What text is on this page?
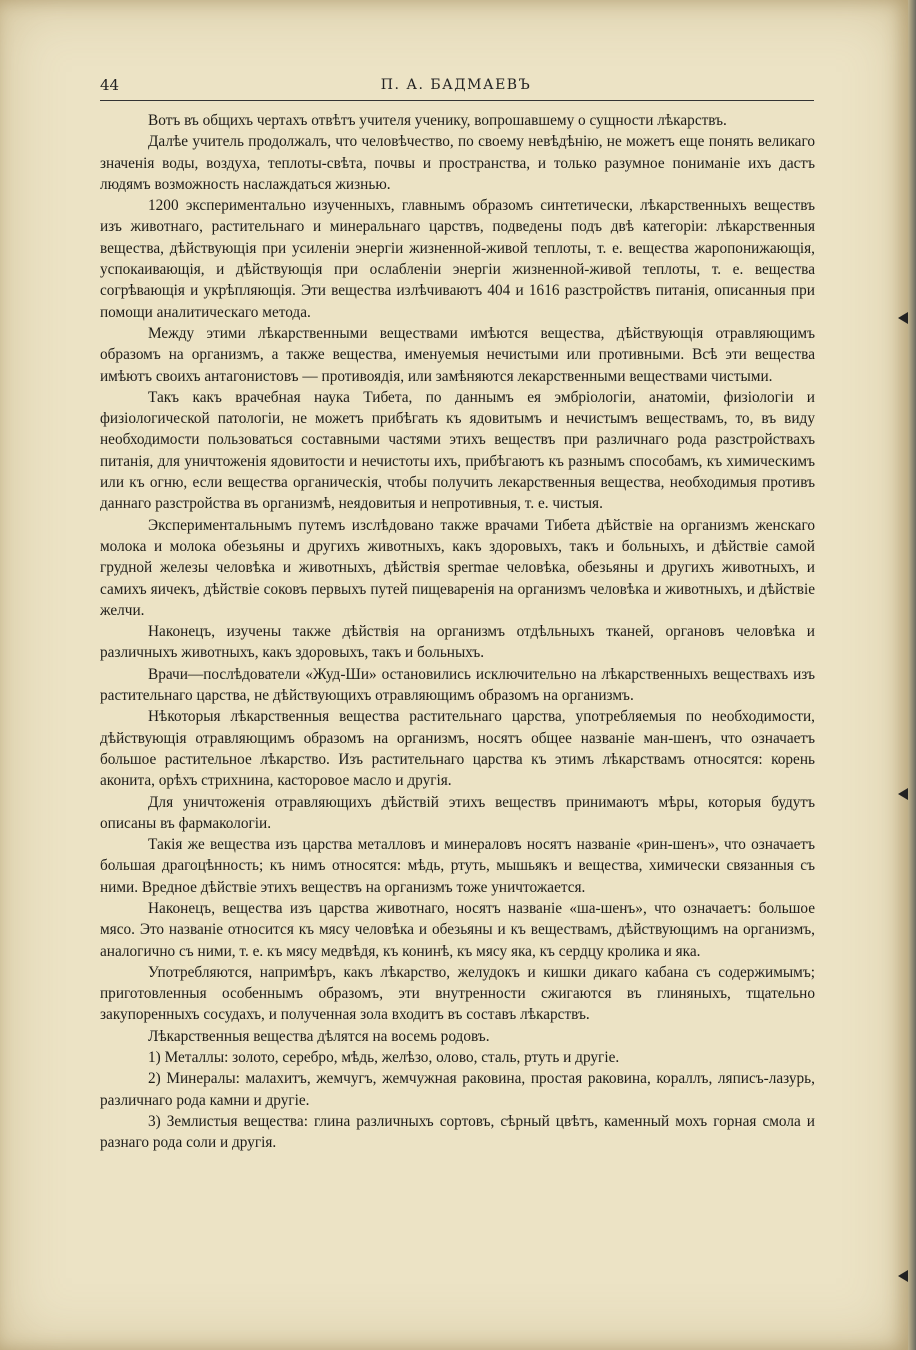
44	П. А. БАДМАЕВЪ

Вотъ въ общихъ чертахъ отвѣтъ учителя ученику, вопрошавшему о сущности лѣкарствъ.

Далѣе учитель продолжалъ, что человѣчество, по своему невѣдѣнію, не можетъ еще понять великаго значенія воды, воздуха, теплоты-свѣта, почвы и пространства, и только разумное пониманіе ихъ дастъ людямъ возможность наслаждаться жизнью.

1200 экспериментально изученныхъ, главнымъ образомъ синтетически, лѣкарственныхъ веществъ изъ животнаго, растительнаго и минеральнаго царствъ, подведены подъ двѣ категоріи: лѣкарственныя вещества, дѣйствующія при усиленіи энергіи жизненной-живой теплоты, т. е. вещества жаропонижающія, успокаивающія, и дѣйствующія при ослабленіи энергіи жизненной-живой теплоты, т. е. вещества согрѣвающія и укрѣпляющія. Эти вещества излѣчиваютъ 404 и 1616 разстройствъ питанія, описанныя при помощи аналитическаго метода.

Между этими лѣкарственными веществами имѣются вещества, дѣйствующія отравляющимъ образомъ на организмъ, а также вещества, именуемыя нечистыми или противными. Всѣ эти вещества имѣютъ своихъ антагонистовъ — противоядія, или замѣняются лекарственными веществами чистыми.

Такъ какъ врачебная наука Тибета, по даннымъ ея эмбріологіи, анатоміи, физіологіи и физіологической патологіи, не можетъ прибѣгать къ ядовитымъ и нечистымъ веществамъ, то, въ виду необходимости пользоваться составными частями этихъ веществъ при различнаго рода разстройствахъ питанія, для уничтоженія ядовитости и нечистоты ихъ, прибѣгаютъ къ разнымъ способамъ, къ химическимъ или къ огню, если вещества органическія, чтобы получить лекарственныя вещества, необходимыя противъ даннаго разстройства въ организмѣ, неядовитыя и непротивныя, т. е. чистыя.

Экспериментальнымъ путемъ изслѣдовано также врачами Тибета дѣйствіе на организмъ женскаго молока и молока обезьяны и другихъ животныхъ, какъ здоровыхъ, такъ и больныхъ, и дѣйствіе самой грудной железы человѣка и животныхъ, дѣйствія spermae человѣка, обезьяны и другихъ животныхъ, и самихъ яичекъ, дѣйствіе соковъ первыхъ путей пищеваренія на организмъ человѣка и животныхъ, и дѣйствіе желчи.

Наконецъ, изучены также дѣйствія на организмъ отдѣльныхъ тканей, органовъ человѣка и различныхъ животныхъ, какъ здоровыхъ, такъ и больныхъ.

Врачи—послѣдователи «Жуд-Ши» остановились исключительно на лѣкарственныхъ веществахъ изъ растительнаго царства, не дѣйствующихъ отравляющимъ образомъ на организмъ.

Нѣкоторыя лѣкарственныя вещества растительнаго царства, употребляемыя по необходимости, дѣйствующія отравляющимъ образомъ на организмъ, носятъ общее названіе ман-шенъ, что означаетъ большое растительное лѣкарство. Изъ растительнаго царства къ этимъ лѣкарствамъ относятся: корень аконита, орѣхъ стрихнина, касторовое масло и другія.

Для уничтоженія отравляющихъ дѣйствій этихъ веществъ принимаютъ мѣры, которыя будутъ описаны въ фармакологіи.

Такія же вещества изъ царства металловъ и минераловъ носятъ названіе «рин-шенъ», что означаетъ большая драгоцѣнность; къ нимъ относятся: мѣдь, ртуть, мышьякъ и вещества, химически связанныя съ ними. Вредное дѣйствіе этихъ веществъ на организмъ тоже уничтожается.

Наконецъ, вещества изъ царства животнаго, носятъ названіе «ша-шенъ», что означаетъ: большое мясо. Это названіе относится къ мясу человѣка и обезьяны и къ веществамъ, дѣйствующимъ на организмъ, аналогично съ ними, т. е. къ мясу медвѣдя, къ конинѣ, къ мясу яка, къ сердцу кролика и яка.

Употребляются, напримѣръ, какъ лѣкарство, желудокъ и кишки дикаго кабана съ содержимымъ; приготовленныя особеннымъ образомъ, эти внутренности сжигаются въ глиняныхъ, тщательно закупоренныхъ сосудахъ, и полученная зола входитъ въ составъ лѣкарствъ.

Лѣкарственныя вещества дѣлятся на восемь родовъ.

1) Металлы: золото, серебро, мѣдь, желѣзо, олово, сталь, ртуть и другіе.

2) Минералы: малахитъ, жемчугъ, жемчужная раковина, простая раковина, кораллъ, ляписъ-лазурь, различнаго рода камни и другіе.

3) Землистыя вещества: глина различныхъ сортовъ, сѣрный цвѣтъ, каменный мохъ горная смола и разнаго рода соли и другія.
